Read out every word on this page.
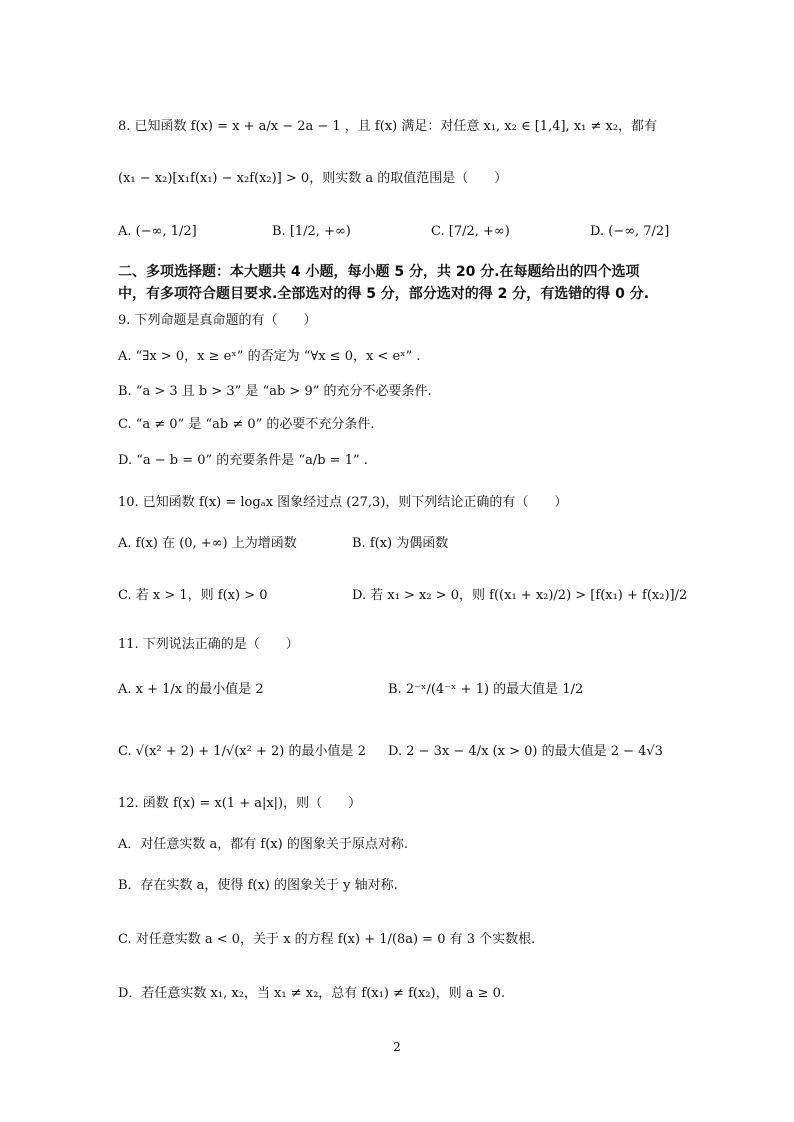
8. 已知函数 f(x) = x + a/x − 2a − 1 ，且 f(x) 满足：对任意 x₁, x₂ ∈ [1,4], x₁ ≠ x₂，都有
(x₁ − x₂)[x₁f(x₁) − x₂f(x₂)] > 0，则实数 a 的取值范围是（　　）
A. (−∞, 1/2]	B. [1/2, +∞)	C. [7/2, +∞)	D. (−∞, 7/2]
二、多项选择题：本大题共 4 小题，每小题 5 分，共 20 分.在每题给出的四个选项
中，有多项符合题目要求.全部选对的得 5 分，部分选对的得 2 分，有选错的得 0 分.
9. 下列命题是真命题的有（　　）
A. “∃x > 0，x ≥ eˣ” 的否定为 “∀x ≤ 0，x < eˣ” .
B. “a > 3 且 b > 3” 是 “ab > 9” 的充分不必要条件.
C. “a ≠ 0” 是 “ab ≠ 0” 的必要不充分条件.
D. “a − b = 0” 的充要条件是 “a/b = 1” .
10. 已知函数 f(x) = logₐx 图象经过点 (27,3)，则下列结论正确的有（　　）
A. f(x) 在 (0, +∞) 上为增函数	B. f(x) 为偶函数
C. 若 x > 1，则 f(x) > 0	D. 若 x₁ > x₂ > 0，则 f((x₁ + x₂)/2) > [f(x₁) + f(x₂)]/2
11. 下列说法正确的是（　　）
A. x + 1/x 的最小值是 2	B. 2⁻ˣ/(4⁻ˣ + 1) 的最大值是 1/2
C. √(x² + 2) + 1/√(x² + 2) 的最小值是 2 D. 2 − 3x − 4/x (x > 0) 的最大值是 2 − 4√3
12. 函数 f(x) = x(1 + a|x|)，则（　　）
A．对任意实数 a，都有 f(x) 的图象关于原点对称.
B．存在实数 a，使得 f(x) 的图象关于 y 轴对称.
C. 对任意实数 a < 0，关于 x 的方程 f(x) + 1/(8a) = 0 有 3 个实数根.
D．若任意实数 x₁, x₂，当 x₁ ≠ x₂，总有 f(x₁) ≠ f(x₂)，则 a ≥ 0.
2
